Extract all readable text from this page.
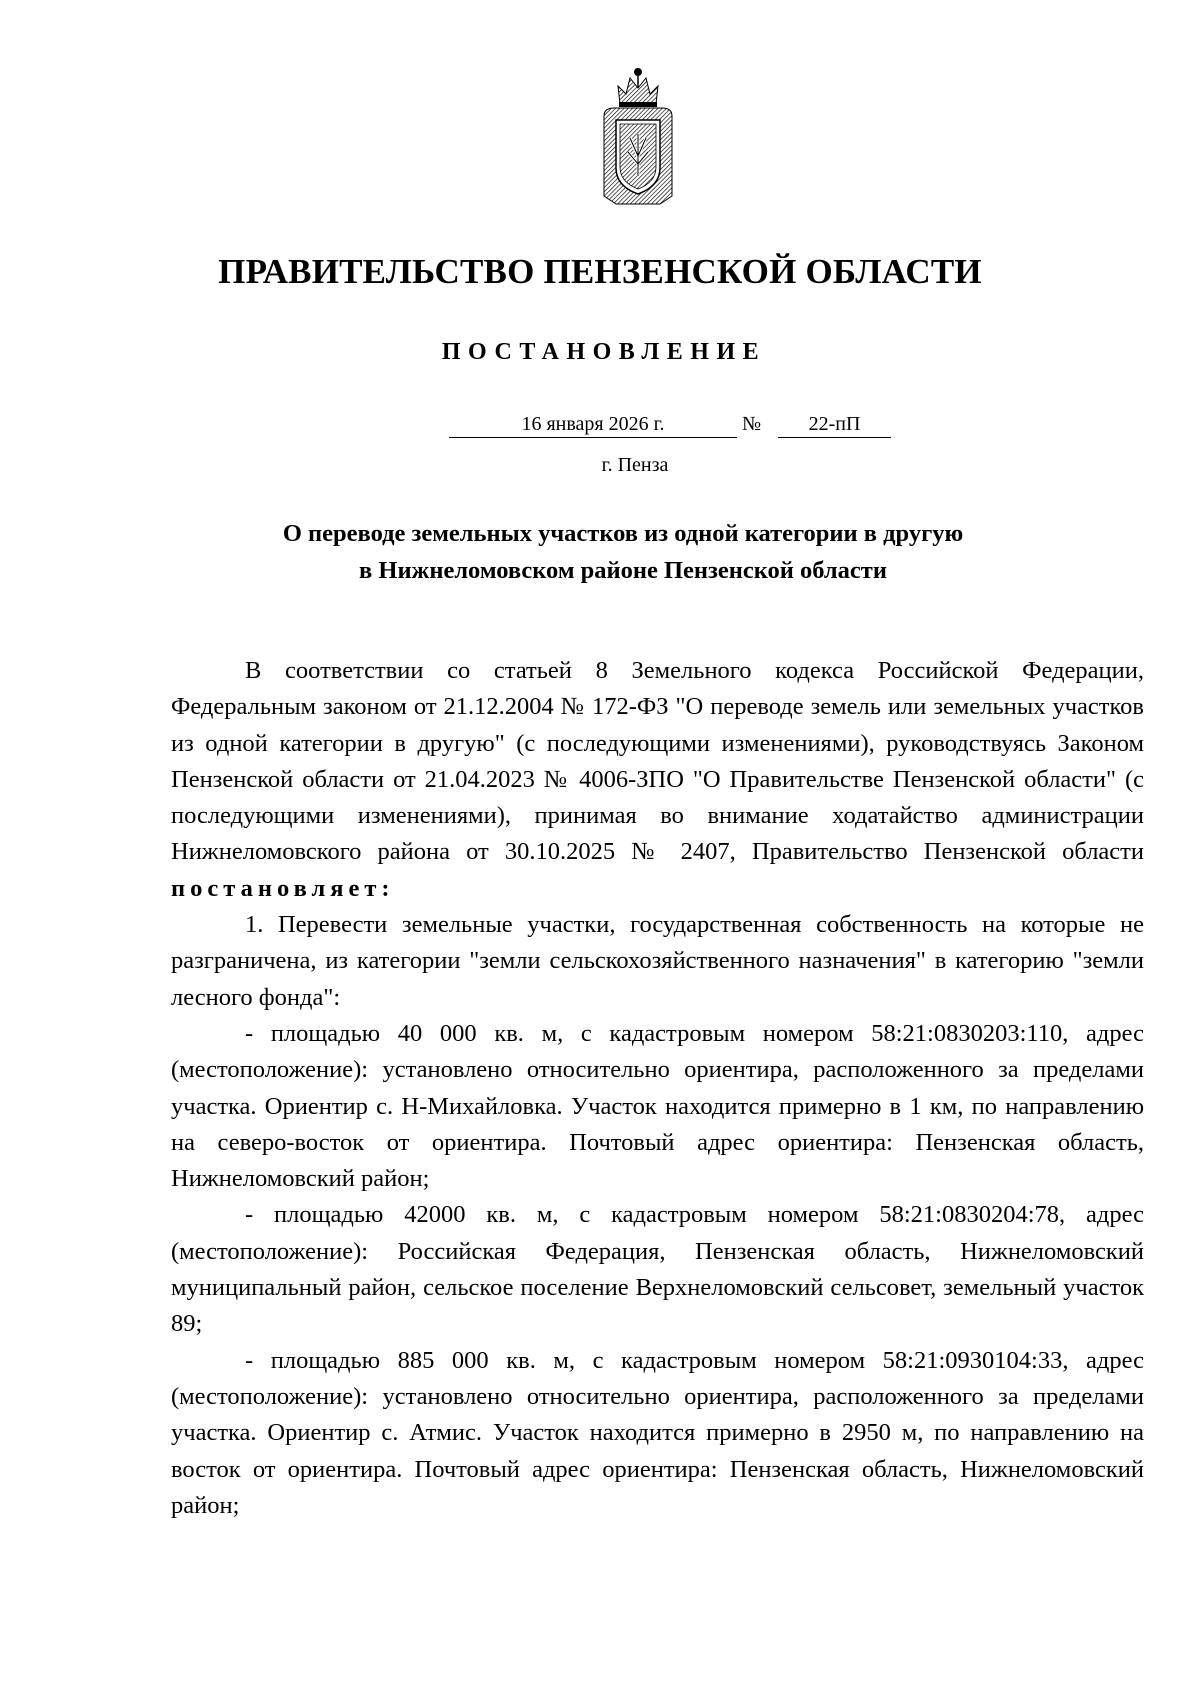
ПРАВИТЕЛЬСТВО ПЕНЗЕНСКОЙ ОБЛАСТИ
ПОСТАНОВЛЕНИЕ
16 января 2026 г.	№	22-пП
г. Пенза
О переводе земельных участков из одной категории в другую
в Нижнеломовском районе Пензенской области

В соответствии со статьей 8 Земельного кодекса Российской Федерации, Федеральным законом от 21.12.2004 № 172-ФЗ "О переводе земель или земельных участков из одной категории в другую" (с последующими изменениями), руководствуясь Законом Пензенской области от 21.04.2023 № 4006-ЗПО "О Правительстве Пензенской области" (с последующими изменениями), принимая во внимание ходатайство администрации Нижнеломовского района от 30.10.2025 № 2407, Правительство Пензенской области постановляет:

1. Перевести земельные участки, государственная собственность на которые не разграничена, из категории "земли сельскохозяйственного назначения" в категорию "земли лесного фонда":

- площадью 40 000 кв. м, с кадастровым номером 58:21:0830203:110, адрес (местоположение): установлено относительно ориентира, расположенного за пределами участка. Ориентир с. Н-Михайловка. Участок находится примерно в 1 км, по направлению на северо-восток от ориентира. Почтовый адрес ориентира: Пензенская область, Нижнеломовский район;

- площадью 42000 кв. м, с кадастровым номером 58:21:0830204:78, адрес (местоположение): Российская Федерация, Пензенская область, Нижнеломовский муниципальный район, сельское поселение Верхнеломовский сельсовет, земельный участок 89;

- площадью 885 000 кв. м, с кадастровым номером 58:21:0930104:33, адрес (местоположение): установлено относительно ориентира, расположенного за пределами участка. Ориентир с. Атмис. Участок находится примерно в 2950 м, по направлению на восток от ориентира. Почтовый адрес ориентира: Пензенская область, Нижнеломовский район;
